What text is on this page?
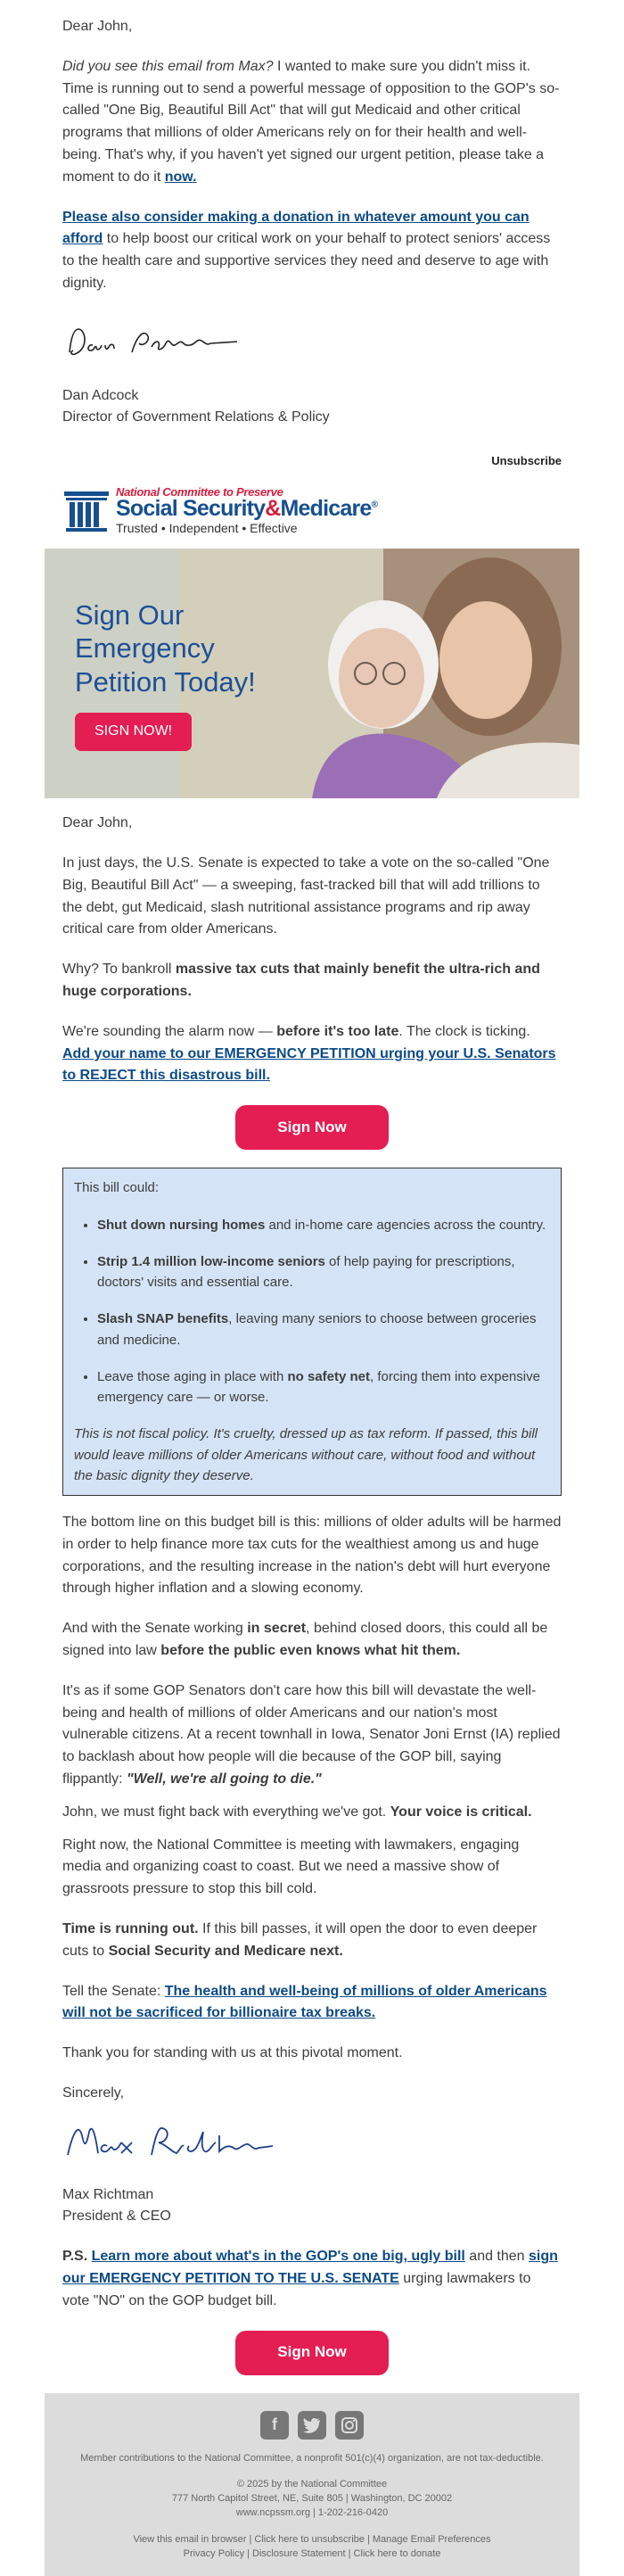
Dear John,

Did you see this email from Max? I wanted to make sure you didn't miss it. Time is running out to send a powerful message of opposition to the GOP's so-called "One Big, Beautiful Bill Act" that will gut Medicaid and other critical programs that millions of older Americans rely on for their health and well-being. That's why, if you haven't yet signed our urgent petition, please take a moment to do it now.

Please also consider making a donation in whatever amount you can afford to help boost our critical work on your behalf to protect seniors' access to the health care and supportive services they need and deserve to age with dignity.

Dan Adcock

Director of Government Relations & Policy

Unsubscribe
National Committee to Preserve
Social Security&Medicare®
Trusted • Independent • Effective
Sign Our Emergency Petition Today!
SIGN NOW!

Dear John,

In just days, the U.S. Senate is expected to take a vote on the so-called "One Big, Beautiful Bill Act" — a sweeping, fast-tracked bill that will add trillions to the debt, gut Medicaid, slash nutritional assistance programs and rip away critical care from older Americans.

Why? To bankroll massive tax cuts that mainly benefit the ultra-rich and huge corporations.

We're sounding the alarm now — before it's too late. The clock is ticking. Add your name to our EMERGENCY PETITION urging your U.S. Senators to REJECT this disastrous bill.

Sign Now

This bill could:

• Shut down nursing homes and in-home care agencies across the country.
• Strip 1.4 million low-income seniors of help paying for prescriptions, doctors' visits and essential care.
• Slash SNAP benefits, leaving many seniors to choose between groceries and medicine.
• Leave those aging in place with no safety net, forcing them into expensive emergency care — or worse.

This is not fiscal policy. It's cruelty, dressed up as tax reform. If passed, this bill would leave millions of older Americans without care, without food and without the basic dignity they deserve.

The bottom line on this budget bill is this: millions of older adults will be harmed in order to help finance more tax cuts for the wealthiest among us and huge corporations, and the resulting increase in the nation's debt will hurt everyone through higher inflation and a slowing economy.

And with the Senate working in secret, behind closed doors, this could all be signed into law before the public even knows what hit them.

It's as if some GOP Senators don't care how this bill will devastate the well-being and health of millions of older Americans and our nation's most vulnerable citizens. At a recent townhall in Iowa, Senator Joni Ernst (IA) replied to backlash about how people will die because of the GOP bill, saying flippantly: "Well, we're all going to die."

John, we must fight back with everything we've got. Your voice is critical.

Right now, the National Committee is meeting with lawmakers, engaging media and organizing coast to coast. But we need a massive show of grassroots pressure to stop this bill cold.

Time is running out. If this bill passes, it will open the door to even deeper cuts to Social Security and Medicare next.

Tell the Senate: The health and well-being of millions of older Americans will not be sacrificed for billionaire tax breaks.

Thank you for standing with us at this pivotal moment.

Sincerely,

Max Richtman

President & CEO

P.S. Learn more about what's in the GOP's one big, ugly bill and then sign our EMERGENCY PETITION TO THE U.S. SENATE urging lawmakers to vote "NO" on the GOP budget bill.

Sign Now
f

Member contributions to the National Committee, a nonprofit 501(c)(4) organization, are not tax-deductible.

© 2025 by the National Committee

777 North Capitol Street, NE, Suite 805 | Washington, DC 20002

www.ncpssm.org | 1-202-216-0420

View this email in browser | Click here to unsubscribe | Manage Email Preferences

Privacy Policy | Disclosure Statement | Click here to donate
